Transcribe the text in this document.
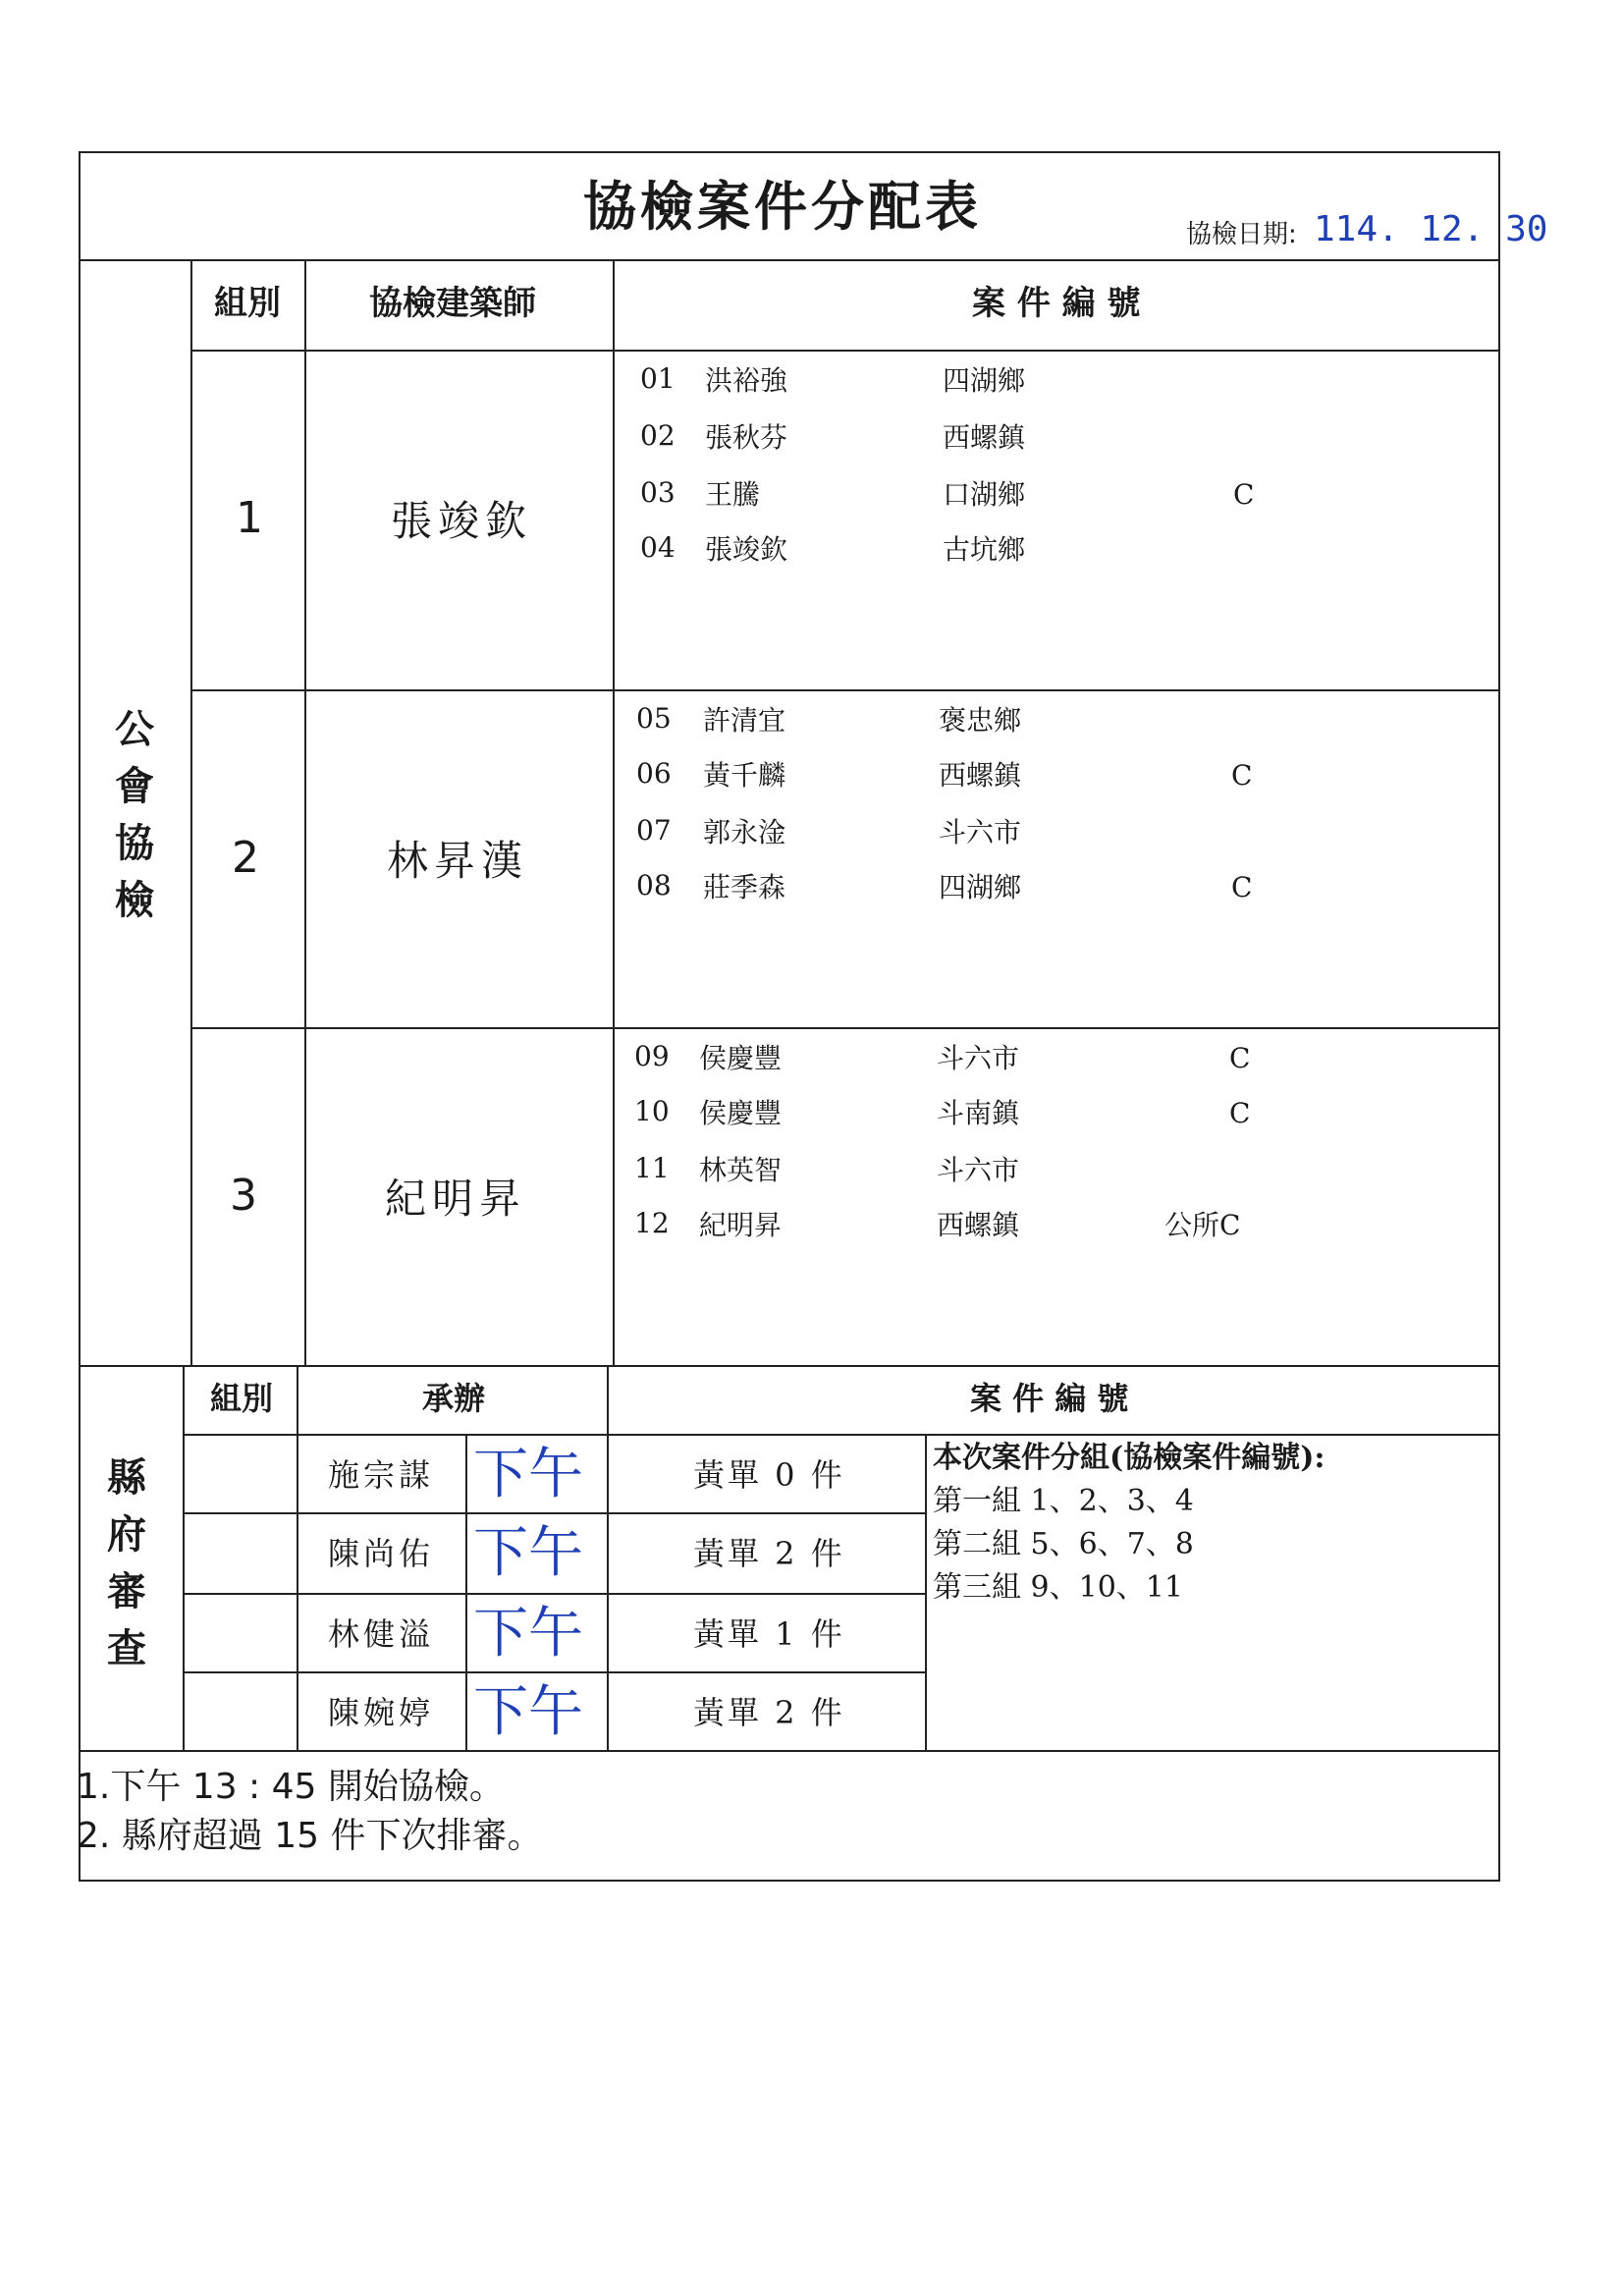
協檢案件分配表	協檢日期: 114. 12. 30
公會協檢
組別	協檢建築師	案 件 編 號
1	張竣欽
01 洪裕強	四湖鄉
02 張秋芬	西螺鎮
03 王騰	口湖鄉	C
04 張竣欽	古坑鄉
2	林昇漢
05 許清宜	褒忠鄉
06 黃千麟	西螺鎮	C
07 郭永淦	斗六市
08 莊季森	四湖鄉	C
3	紀明昇
09 侯慶豐	斗六市	C
10 侯慶豐	斗南鎮	C
11 林英智	斗六市
12 紀明昇	西螺鎮	公所C
縣府審查
組別	承辦	案 件 編 號
施宗謀 下午	黃單 0 件
陳尚佑 下午	黃單 2 件
林健溢 下午	黃單 1 件
陳婉婷 下午	黃單 2 件
本次案件分組(協檢案件編號):
第一組 1、2、3、4
第二組 5、6、7、8
第三組 9、10、11
1.下午 13 : 45 開始協檢。
2. 縣府超過 15 件下次排審。
